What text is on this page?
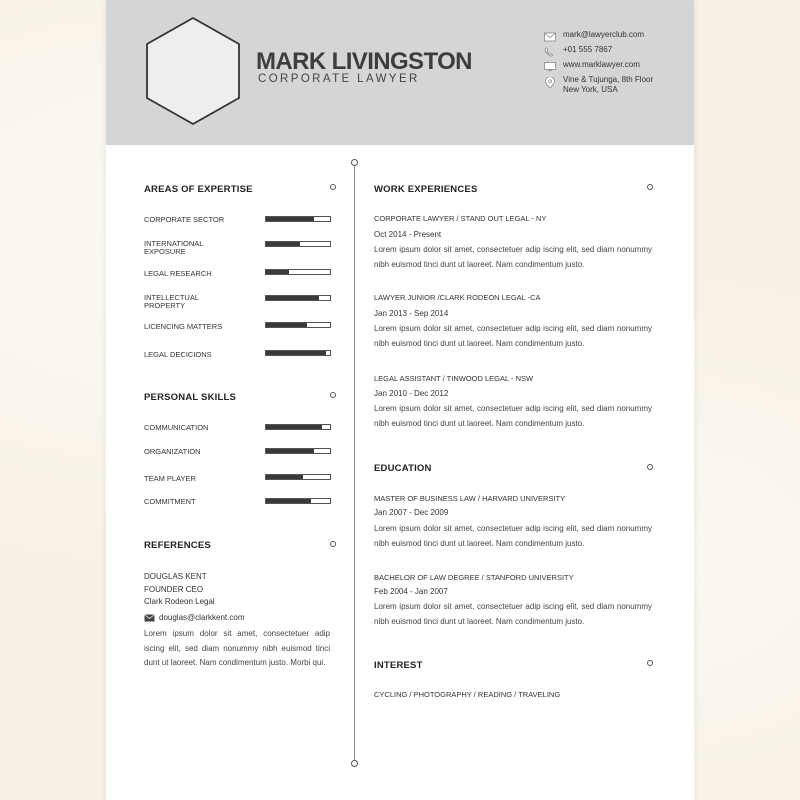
MARK LIVINGSTON
CORPORATE LAWYER
mark@lawyerclub.com
+01 555 7867
www.marklawyer.com
Vine & Tujunga, 8th Floor
New York, USA
AREAS OF EXPERTISE
CORPORATE SECTOR
INTERNATIONAL EXPOSURE
LEGAL RESEARCH
INTELLECTUAL PROPERTY
LICENCING MATTERS
LEGAL DECICIONS
PERSONAL SKILLS
COMMUNICATION
ORGANIZATION
TEAM PLAYER
COMMITMENT
REFERENCES
DOUGLAS KENT
FOUNDER CEO
Clark Rodeon Legal
douglas@clarkkent.com
Lorem ipsum dolor sit amet, consectetuer adip iscing elit, sed diam nonummy nibh euismod tinci dunt ut laoreet. Nam condimentum justo. Morbi qui.
WORK EXPERIENCES
CORPORATE LAWYER / STAND OUT LEGAL - NY
Oct 2014 - Present
Lorem ipsum dolor sit amet, consectetuer adip iscing elit, sed diam nonummy nibh euismod tinci dunt ut laoreet. Nam condimentum justo.
LAWYER JUNIOR /CLARK RODEON LEGAL -CA
Jan 2013 - Sep 2014
Lorem ipsum dolor sit amet, consectetuer adip iscing elit, sed diam nonummy nibh euismod tinci dunt ut laoreet. Nam condimentum justo.
LEGAL ASSISTANT / TINWOOD LEGAL - NSW
Jan 2010 - Dec 2012
Lorem ipsum dolor sit amet, consectetuer adip iscing elit, sed diam nonummy nibh euismod tinci dunt ut laoreet. Nam condimentum justo.
EDUCATION
MASTER OF BUSINESS LAW / HARVARD UNIVERSITY
Jan 2007 - Dec 2009
Lorem ipsum dolor sit amet, consectetuer adip iscing elit, sed diam nonummy nibh euismod tinci dunt ut laoreet. Nam condimentum justo.
BACHELOR OF LAW DEGREE / STANFORD UNIVERSITY
Feb 2004 - Jan 2007
Lorem ipsum dolor sit amet, consectetuer adip iscing elit, sed diam nonummy nibh euismod tinci dunt ut laoreet. Nam condimentum justo.
INTEREST
CYCLING / PHOTOGRAPHY / READING / TRAVELING
